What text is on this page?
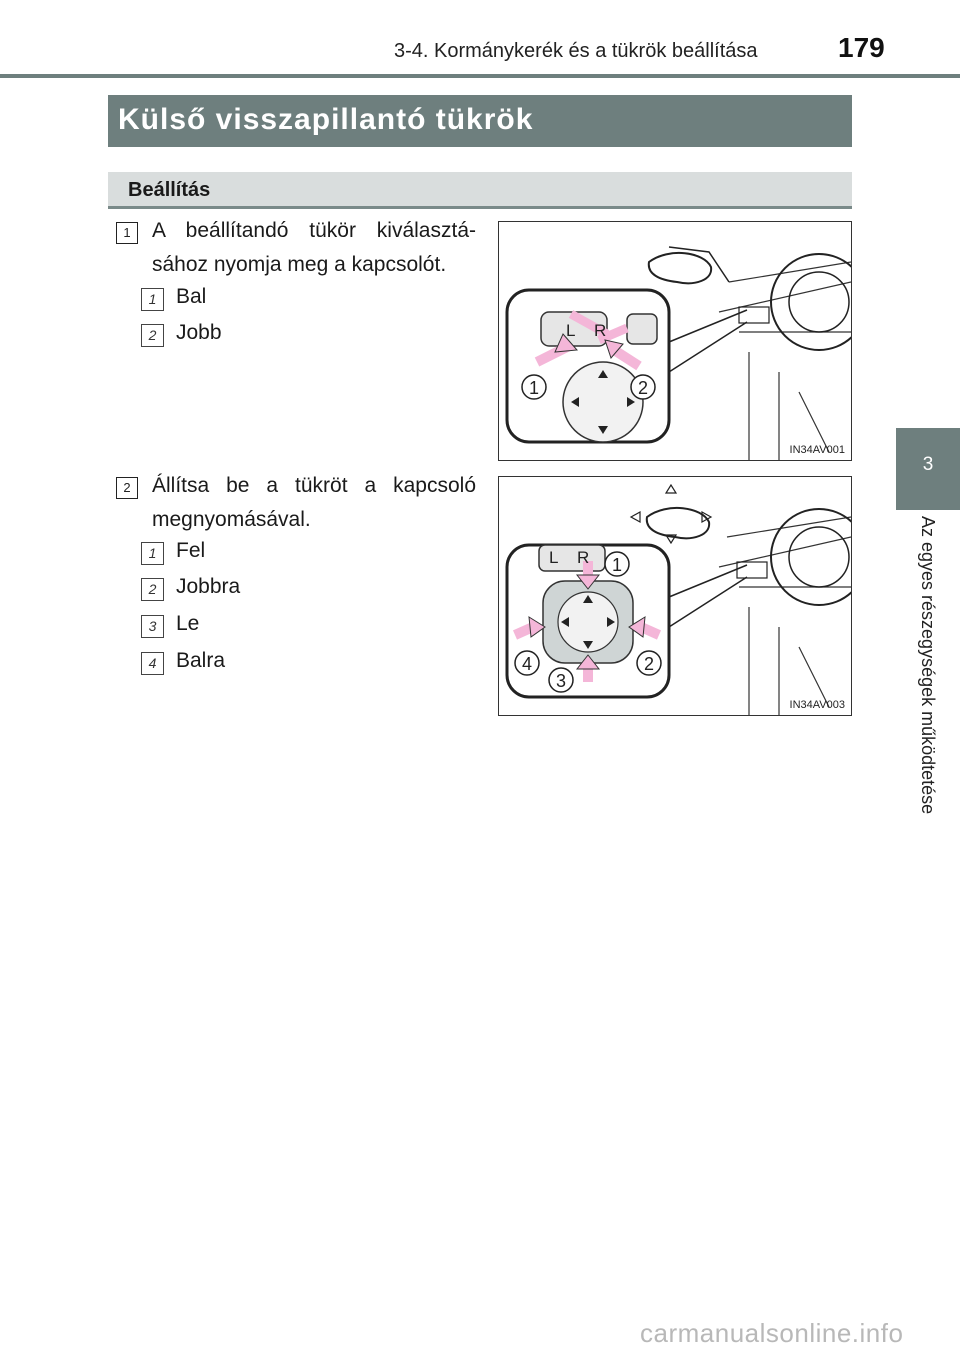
3-4. Kormánykerék és a tükrök beállítása	179
3
Az egyes részegységek működtetése
Külső visszapillantó tükrök
Beállítás
1	A beállítandó tükör kiválasztá-sához nyomja meg a kapcsolót.
1 Bal
2 Jobb	L R
1	2
IN34AV001
2	Állítsa be a tükröt a kapcsoló megnyomásával.
1 Fel
2 Jobbra
3 Le
4 Balra
L R 1
2
3
4
IN34AV003
carmanualsonline.info
